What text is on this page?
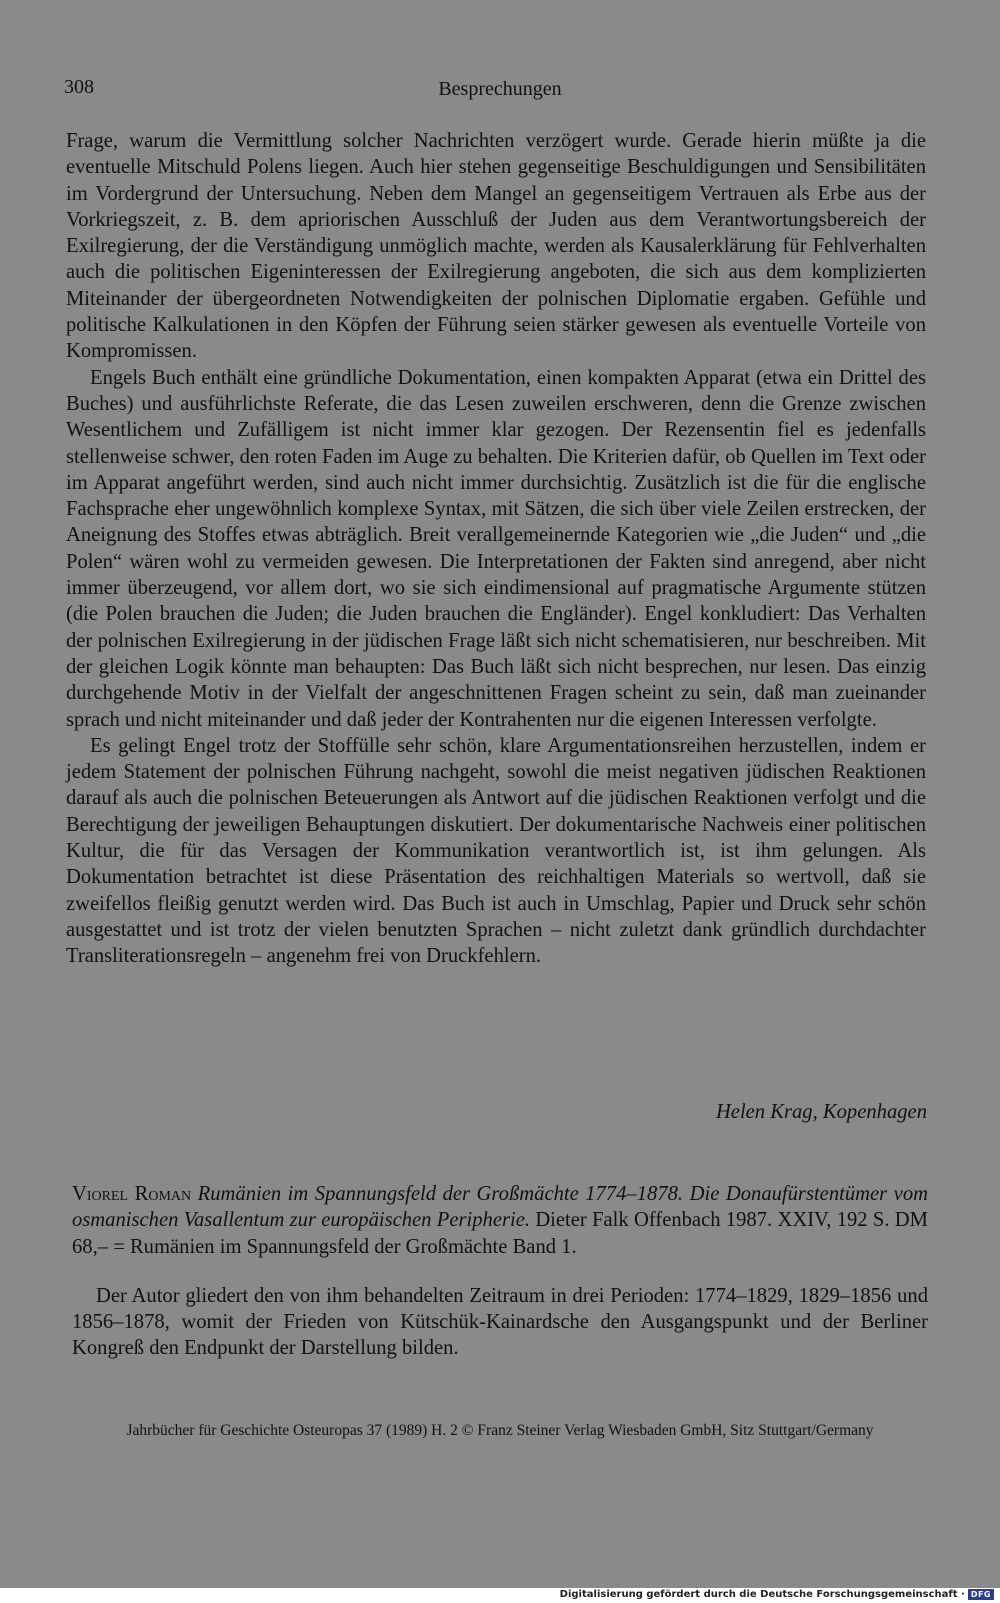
308	Besprechungen

Frage, warum die Vermittlung solcher Nachrichten verzögert wurde. Gerade hierin müßte ja die eventuelle Mitschuld Polens liegen. Auch hier stehen gegenseitige Beschuldigungen und Sensibilitäten im Vordergrund der Untersuchung. Neben dem Mangel an gegenseitigem Vertrauen als Erbe aus der Vorkriegszeit, z. B. dem apriorischen Ausschluß der Juden aus dem Verantwortungsbereich der Exilregierung, der die Verständigung unmöglich machte, werden als Kausalerklärung für Fehlverhalten auch die politischen Eigeninteressen der Exilregierung angeboten, die sich aus dem komplizierten Miteinander der übergeordneten Notwendigkeiten der polnischen Diplomatie ergaben. Gefühle und politische Kalkulationen in den Köpfen der Führung seien stärker gewesen als eventuelle Vorteile von Kompromissen.

Engels Buch enthält eine gründliche Dokumentation, einen kompakten Apparat (etwa ein Drittel des Buches) und ausführlichste Referate, die das Lesen zuweilen erschweren, denn die Grenze zwischen Wesentlichem und Zufälligem ist nicht immer klar gezogen. Der Rezensentin fiel es jedenfalls stellenweise schwer, den roten Faden im Auge zu behalten. Die Kriterien dafür, ob Quellen im Text oder im Apparat angeführt werden, sind auch nicht immer durchsichtig. Zusätzlich ist die für die englische Fachsprache eher ungewöhnlich komplexe Syntax, mit Sätzen, die sich über viele Zeilen erstrecken, der Aneignung des Stoffes etwas abträglich. Breit verallgemeinernde Kategorien wie „die Juden“ und „die Polen“ wären wohl zu vermeiden gewesen. Die Interpretationen der Fakten sind anregend, aber nicht immer überzeugend, vor allem dort, wo sie sich eindimensional auf pragmatische Argumente stützen (die Polen brauchen die Juden; die Juden brauchen die Engländer). Engel konkludiert: Das Verhalten der polnischen Exilregierung in der jüdischen Frage läßt sich nicht schematisieren, nur beschreiben. Mit der gleichen Logik könnte man behaupten: Das Buch läßt sich nicht besprechen, nur lesen. Das einzig durchgehende Motiv in der Vielfalt der angeschnittenen Fragen scheint zu sein, daß man zueinander sprach und nicht miteinander und daß jeder der Kontrahenten nur die eigenen Interessen verfolgte.

Es gelingt Engel trotz der Stoffülle sehr schön, klare Argumentationsreihen herzustellen, indem er jedem Statement der polnischen Führung nachgeht, sowohl die meist negativen jüdischen Reaktionen darauf als auch die polnischen Beteuerungen als Antwort auf die jüdischen Reaktionen verfolgt und die Berechtigung der jeweiligen Behauptungen diskutiert. Der dokumentarische Nachweis einer politischen Kultur, die für das Versagen der Kommunikation verantwortlich ist, ist ihm gelungen. Als Dokumentation betrachtet ist diese Präsentation des reichhaltigen Materials so wertvoll, daß sie zweifellos fleißig genutzt werden wird. Das Buch ist auch in Umschlag, Papier und Druck sehr schön ausgestattet und ist trotz der vielen benutzten Sprachen – nicht zuletzt dank gründlich durchdachter Transliterationsregeln – angenehm frei von Druckfehlern.

Helen Krag, Kopenhagen

Viorel Roman Rumänien im Spannungsfeld der Großmächte 1774–1878. Die Donaufürstentümer vom osmanischen Vasallentum zur europäischen Peripherie. Dieter Falk Offenbach 1987. XXIV, 192 S. DM 68,– = Rumänien im Spannungsfeld der Großmächte Band 1.

Der Autor gliedert den von ihm behandelten Zeitraum in drei Perioden: 1774–1829, 1829–1856 und 1856–1878, womit der Frieden von Kütschük-Kainardsche den Ausgangspunkt und der Berliner Kongreß den Endpunkt der Darstellung bilden.

Jahrbücher für Geschichte Osteuropas 37 (1989) H. 2 © Franz Steiner Verlag Wiesbaden GmbH, Sitz Stuttgart/Germany
Digitalisierung gefördert durch die Deutsche Forschungsgemeinschaft · DFG
